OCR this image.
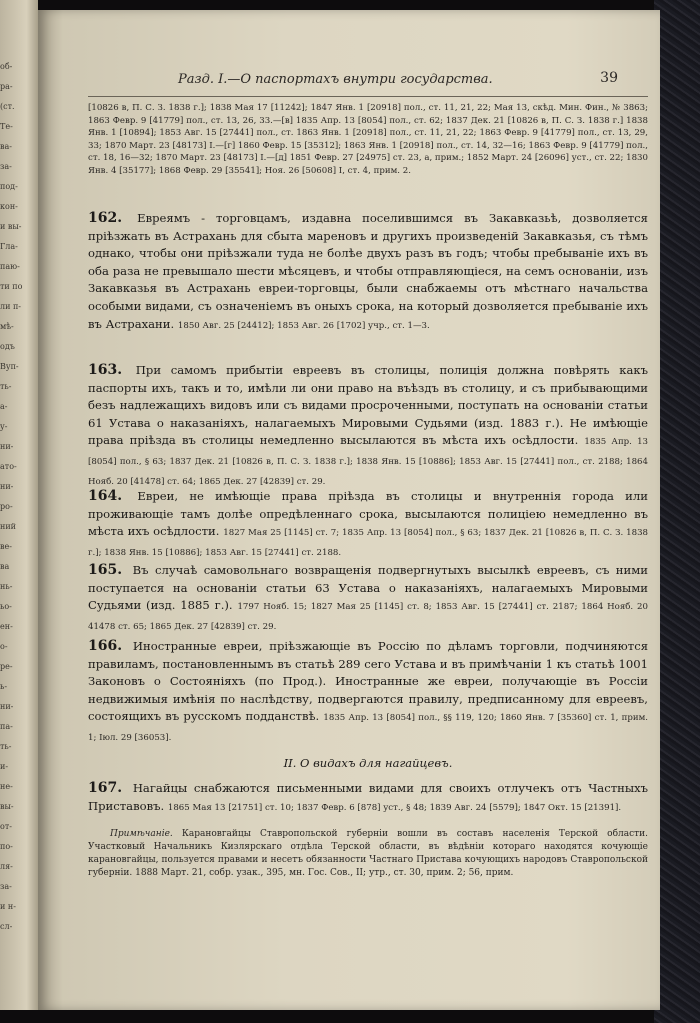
об-
ра-
(ст.
Те-
ва-
за-
под-
кон-
и вы-
Гла-
паю-
ти по
ли п-
мѣ-
одъ
Вуп-
ть-
а-
у-
ни-
ато-
ни-
ро-
ний
ве-
ва
нь-
ьо-
ен-
о-
ре-
ь-
ни-
па-
ть-
и-
не-
вы-
от-
по-
ля-
за-
и н-
сл-
Разд. I.—О паспортахъ внутри государства.	39
[10826 в, П. С. З. 1838 г.]; 1838 Мая 17 [11242]; 1847 Янв. 1 [20918] пол., ст. 11, 21, 22; Мая 13, скѣд. Мин. Фин., № 3863; 1863 Февр. 9 [41779] пол., ст. 13, 26, 33.—[в] 1835 Апр. 13 [8054] пол., ст. 62; 1837 Дек. 21 [10826 в, П. С. З. 1838 г.] 1838 Янв. 1 [10894]; 1853 Авг. 15 [27441] пол., ст. 1863 Янв. 1 [20918] пол., ст. 11, 21, 22; 1863 Февр. 9 [41779] пол., ст. 13, 29, 33; 1870 Март. 23 [48173] I.—[г] 1860 Февр. 15 [35312]; 1863 Янв. 1 [20918] пол., ст. 14, 32—16; 1863 Февр. 9 [41779] пол., ст. 18, 16—32; 1870 Март. 23 [48173] I.—[д] 1851 Февр. 27 [24975] ст. 23, а, прим.; 1852 Март. 24 [26096] уст., ст. 22; 1830 Янв. 4 [35177]; 1868 Февр. 29 [35541]; Ноя. 26 [50608] I, ст. 4, прим. 2.
162. Евреямъ - торговцамъ, издавна поселившимся въ Закавказьѣ, дозволяется пріѣзжать въ Астрахань для сбыта мареновъ и другихъ произведеній Закавказья, съ тѣмъ однако, чтобы они пріѣзжали туда не болѣе двухъ разъ въ годъ; чтобы пребываніе ихъ въ оба раза не превышало шести мѣсяцевъ, и чтобы отправляющіеся, на семъ основаніи, изъ Закавказья въ Астрахань евреи-торговцы, были снабжаемы отъ мѣстнаго начальства особыми видами, съ означеніемъ въ оныхъ срока, на который дозволяется пребываніе ихъ въ Астрахани. 1850 Авг. 25 [24412]; 1853 Авг. 26 [1702] учр., ст. 1—3.
163. При самомъ прибытіи евреевъ въ столицы, полиція должна повѣрять какъ паспорты ихъ, такъ и то, имѣли ли они право на въѣздъ въ столицу, и съ прибывающими безъ надлежащихъ видовъ или съ видами просроченными, поступать на основаніи статьи 61 Устава о наказаніяхъ, налагаемыхъ Мировыми Судьями (изд. 1883 г.). Не имѣющіе права пріѣзда въ столицы немедленно высылаются въ мѣста ихъ осѣдлости. 1835 Апр. 13 [8054] пол., § 63; 1837 Дек. 21 [10826 в, П. С. З. 1838 г.]; 1838 Янв. 15 [10886]; 1853 Авг. 15 [27441] пол., ст. 2188; 1864 Нояб. 20 [41478] ст. 64; 1865 Дек. 27 [42839] ст. 29.
164. Евреи, не имѣющіе права пріѣзда въ столицы и внутреннія города или проживающіе тамъ долѣе опредѣленнаго срока, высылаются полиціею немедленно въ мѣста ихъ осѣдлости. 1827 Мая 25 [1145] ст. 7; 1835 Апр. 13 [8054] пол., § 63; 1837 Дек. 21 [10826 в, П. С. З. 1838 г.]; 1838 Янв. 15 [10886]; 1853 Авг. 15 [27441] ст. 2188.
165. Въ случаѣ самовольнаго возвращенія подвергнутыхъ высылкѣ евреевъ, съ ними поступается на основаніи статьи 63 Устава о наказаніяхъ, налагаемыхъ Мировыми Судьями (изд. 1885 г.). 1797 Нояб. 15; 1827 Мая 25 [1145] ст. 8; 1853 Авг. 15 [27441] ст. 2187; 1864 Нояб. 20 41478 ст. 65; 1865 Дек. 27 [42839] ст. 29.
166. Иностранные евреи, пріѣзжающіе въ Россію по дѣламъ торговли, подчиняются правиламъ, постановленнымъ въ статьѣ 289 сего Устава и въ примѣчаніи 1 къ статьѣ 1001 Законовъ о Состояніяхъ (по Прод.). Иностранные же евреи, получающіе въ Россіи недвижимыя имѣнія по наслѣдству, подвергаются правилу, предписанному для евреевъ, состоящихъ въ русскомъ подданствѣ. 1835 Апр. 13 [8054] пол., §§ 119, 120; 1860 Янв. 7 [35360] ст. 1, прим. 1; Іюл. 29 [36053].
II. О видахъ для нагайцевъ.
167. Нагайцы снабжаются письменными видами для своихъ отлучекъ отъ Частныхъ Приставовъ. 1865 Мая 13 [21751] ст. 10; 1837 Февр. 6 [878] уст., § 48; 1839 Авг. 24 [5579]; 1847 Окт. 15 [21391].
Примѣчаніе. Карановгайцы Ставропольской губерніи вошли въ составъ населенія Терской области. Участковый Начальникъ Кизлярскаго отдѣла Терской области, въ вѣдѣніи котораго находятся кочующіе карановгайцы, пользуется правами и несетъ обязанности Частнаго Пристава кочующихъ народовъ Ставропольской губерніи. 1888 Март. 21, собр. узак., 395, мн. Гос. Сов., II; утр., ст. 30, прим. 2; 56, прим.
